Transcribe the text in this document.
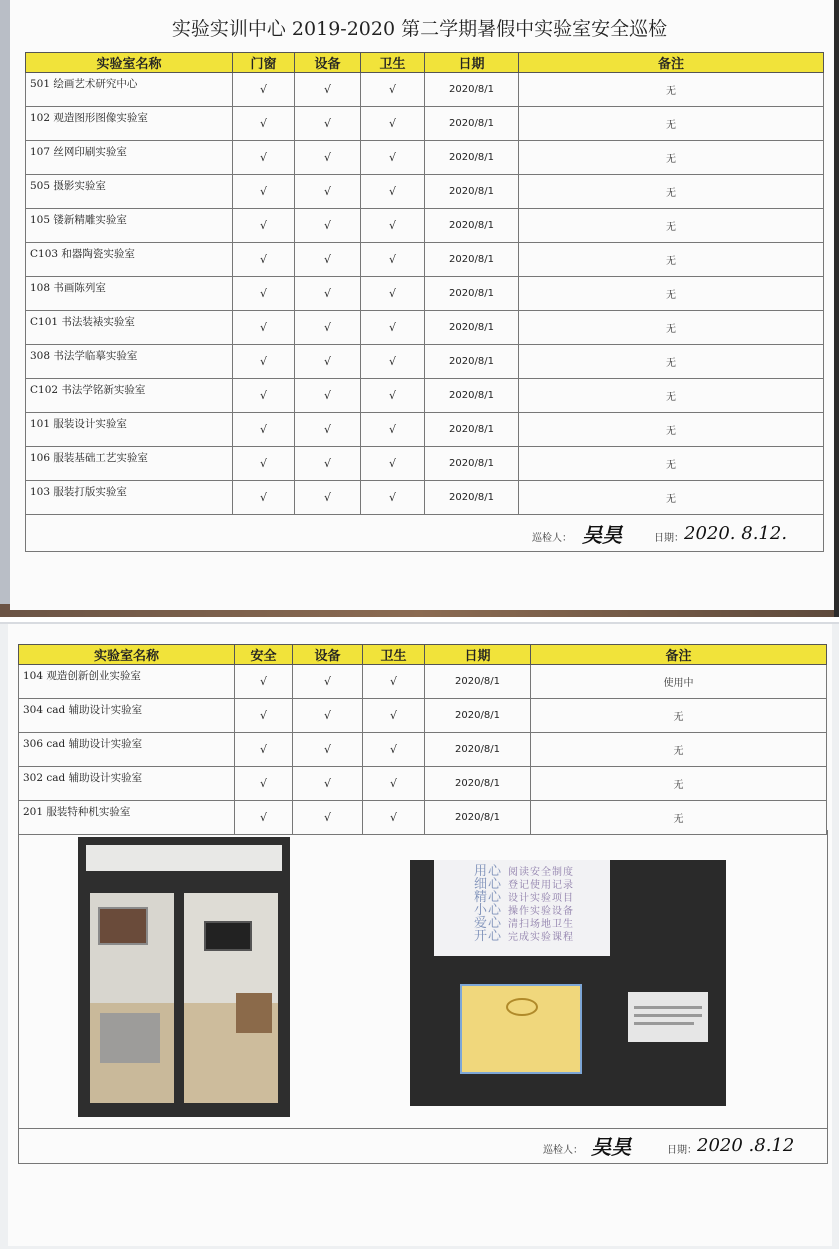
实验实训中心 2019-2020 第二学期暑假中实验室安全巡检
实验室名称	门窗	设备	卫生	日期	备注
501 绘画艺术研究中心	√	√	√	2020/8/1	无
102 观造图形图像实验室	√	√	√	2020/8/1	无
107 丝网印刷实验室	√	√	√	2020/8/1	无
505 摄影实验室	√	√	√	2020/8/1	无
105 镂新精雕实验室	√	√	√	2020/8/1	无
C103 和器陶瓷实验室	√	√	√	2020/8/1	无
108 书画陈列室	√	√	√	2020/8/1	无
C101 书法装裱实验室	√	√	√	2020/8/1	无
308 书法学临摹实验室	√	√	√	2020/8/1	无
C102 书法学铭新实验室	√	√	√	2020/8/1	无
101 服装设计实验室	√	√	√	2020/8/1	无
106 服装基础工艺实验室	√	√	√	2020/8/1	无
103 服装打版实验室	√	√	√	2020/8/1	无

巡检人： 吴昊 日期： 2020. 8.12.					
实验室名称	安全	设备	卫生	日期	备注
104 观造创新创业实验室	√	√	√	2020/8/1	使用中
304 cad 辅助设计实验室	√	√	√	2020/8/1	无
306 cad 辅助设计实验室	√	√	√	2020/8/1	无
302 cad 辅助设计实验室	√	√	√	2020/8/1	无
201 服装特种机实验室	√	√	√	2020/8/1	无
用心 阅读安全制度
细心 登记使用记录
精心 设计实验项目
小心 操作实验设备
爱心 清扫场地卫生
开心 完成实验课程
巡检人： 吴昊	日期： 2020 .8.12
